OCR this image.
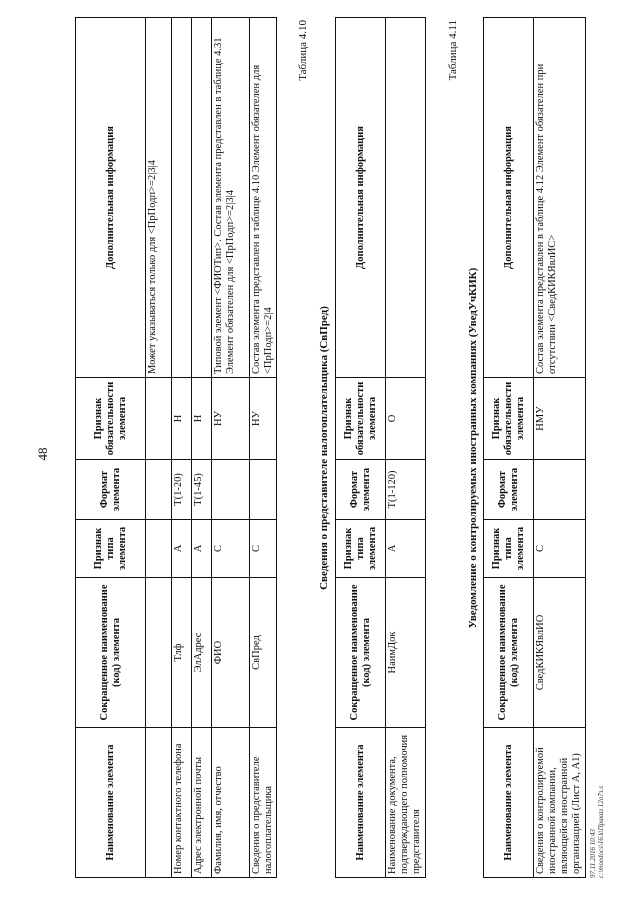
48
Наименование элемента	Сокращенное наименование (код) элемента	Признак типа элемента	Формат элемента	Признак обязательности элемента	Дополнительная информация
					Может указываться только для <ПрПодп>=2|3|4
Номер контактного телефона	Тлф	А	Т(1-20)	Н	
Адрес электронной почты	ЭлАдрес	А	Т(1-45)	Н	
Фамилия, имя, отчество	ФИО	С		НУ	Типовой элемент <ФИОТип>. Состав элемента представлен в таблице 4.31 Элемент обязателен для <ПрПодп>=2|3|4
Сведения о представителе налогоплательщика	СвПред	С		НУ	Состав элемента представлен в таблице 4.10 Элемент обязателен для <ПрПодп>=2|4
Таблица 4.10
Сведения о представителе налогоплательщика (СвПред)
Наименование элемента	Сокращенное наименование (код) элемента	Признак типа элемента	Формат элемента	Признак обязательности элемента	Дополнительная информация
Наименование документа, подтверждающего полномочия представителя	НаимДок	А	Т(1-120)	О	
Таблица 4.11
Уведомление о контролируемых иностранных компаниях (УведУчКИК)
Наименование элемента	Сокращенное наименование (код) элемента	Признак типа элемента	Формат элемента	Признак обязательности элемента	Дополнительная информация
Сведения о контролируемой иностранной компании, являющейся иностранной организацией (Лист А, А1)	СведКИКЯвлИО	С		НМУ	Состав элемента представлен в таблице 4.12 Элемент обязателен при отсутствии <СведКИКЯвлИС>
97.11.2016 10:43 c:\moedocs\16.k\Приказ 12о7з.s
